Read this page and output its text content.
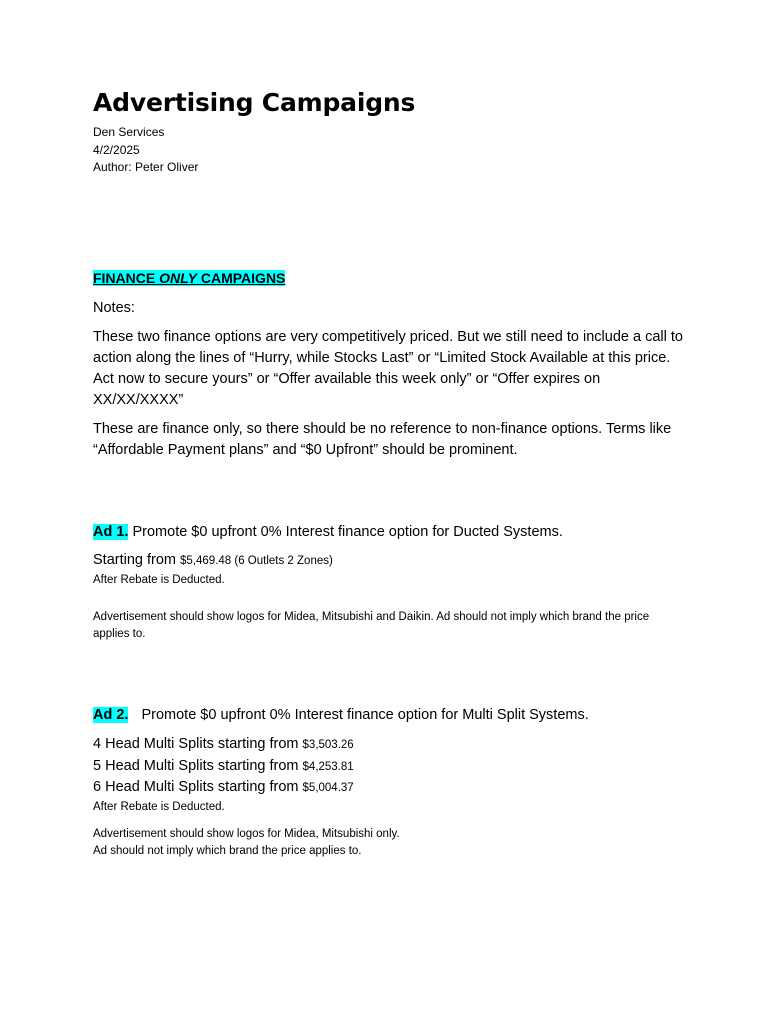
Advertising Campaigns

Den Services

4/2/2025

Author: Peter Oliver

FINANCE ONLY CAMPAIGNS

Notes:

These two finance options are very competitively priced. But we still need to include a call to action along the lines of “Hurry, while Stocks Last” or “Limited Stock Available at this price. Act now to secure yours” or “Offer available this week only” or “Offer expires on XX/XX/XXXX”

These are finance only, so there should be no reference to non-finance options. Terms like “Affordable Payment plans” and “$0 Upfront” should be prominent.

Ad 1. Promote $0 upfront 0% Interest finance option for Ducted Systems.

Starting from $5,469.48 (6 Outlets 2 Zones)

After Rebate is Deducted.

Advertisement should show logos for Midea, Mitsubishi and Daikin. Ad should not imply which brand the price applies to.

Ad 2. Promote $0 upfront 0% Interest finance option for Multi Split Systems.

4 Head Multi Splits starting from $3,503.26

5 Head Multi Splits starting from $4,253.81

6 Head Multi Splits starting from $5,004.37

After Rebate is Deducted.

Advertisement should show logos for Midea, Mitsubishi only.

Ad should not imply which brand the price applies to.
